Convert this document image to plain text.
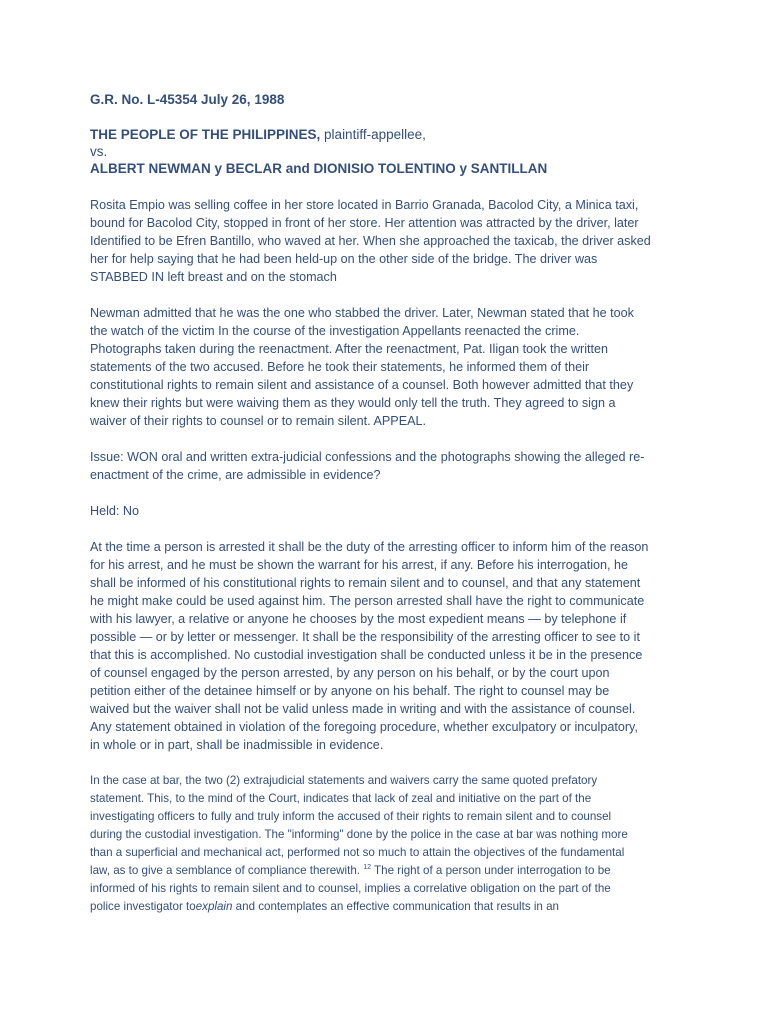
G.R. No. L-45354 July 26, 1988
THE PEOPLE OF THE PHILIPPINES, plaintiff-appellee,
vs.
ALBERT NEWMAN y BECLAR and DIONISIO TOLENTINO y SANTILLAN
Rosita Empio was selling coffee in her store located in Barrio Granada, Bacolod City, a Minica taxi,
bound for Bacolod City, stopped in front of her store. Her attention was attracted by the driver, later
Identified to be Efren Bantillo, who waved at her. When she approached the taxicab, the driver asked
her for help saying that he had been held-up on the other side of the bridge. The driver was
STABBED IN left breast and on the stomach
Newman admitted that he was the one who stabbed the driver. Later, Newman stated that he took
the watch of the victim In the course of the investigation Appellants reenacted the crime.
Photographs taken during the reenactment. After the reenactment, Pat. Iligan took the written
statements of the two accused. Before he took their statements, he informed them of their
constitutional rights to remain silent and assistance of a counsel. Both however admitted that they
knew their rights but were waiving them as they would only tell the truth. They agreed to sign a
waiver of their rights to counsel or to remain silent. APPEAL.
Issue: WON oral and written extra-judicial confessions and the photographs showing the alleged re-
enactment of the crime, are admissible in evidence?
Held: No
At the time a person is arrested it shall be the duty of the arresting officer to inform him of the reason
for his arrest, and he must be shown the warrant for his arrest, if any. Before his interrogation, he
shall be informed of his constitutional rights to remain silent and to counsel, and that any statement
he might make could be used against him. The person arrested shall have the right to communicate
with his lawyer, a relative or anyone he chooses by the most expedient means — by telephone if
possible — or by letter or messenger. It shall be the responsibility of the arresting officer to see to it
that this is accomplished. No custodial investigation shall be conducted unless it be in the presence
of counsel engaged by the person arrested, by any person on his behalf, or by the court upon
petition either of the detainee himself or by anyone on his behalf. The right to counsel may be
waived but the waiver shall not be valid unless made in writing and with the assistance of counsel.
Any statement obtained in violation of the foregoing procedure, whether exculpatory or inculpatory,
in whole or in part, shall be inadmissible in evidence.
In the case at bar, the two (2) extrajudicial statements and waivers carry the same quoted prefatory
statement. This, to the mind of the Court, indicates that lack of zeal and initiative on the part of the
investigating officers to fully and truly inform the accused of their rights to remain silent and to counsel
during the custodial investigation. The "informing" done by the police in the case at bar was nothing more
than a superficial and mechanical act, performed not so much to attain the objectives of the fundamental
law, as to give a semblance of compliance therewith. $^{12}$ The right of a person under interrogation to be
informed of his rights to remain silent and to counsel, implies a correlative obligation on the part of the
police investigator toexplain and contemplates an effective communication that results in an
